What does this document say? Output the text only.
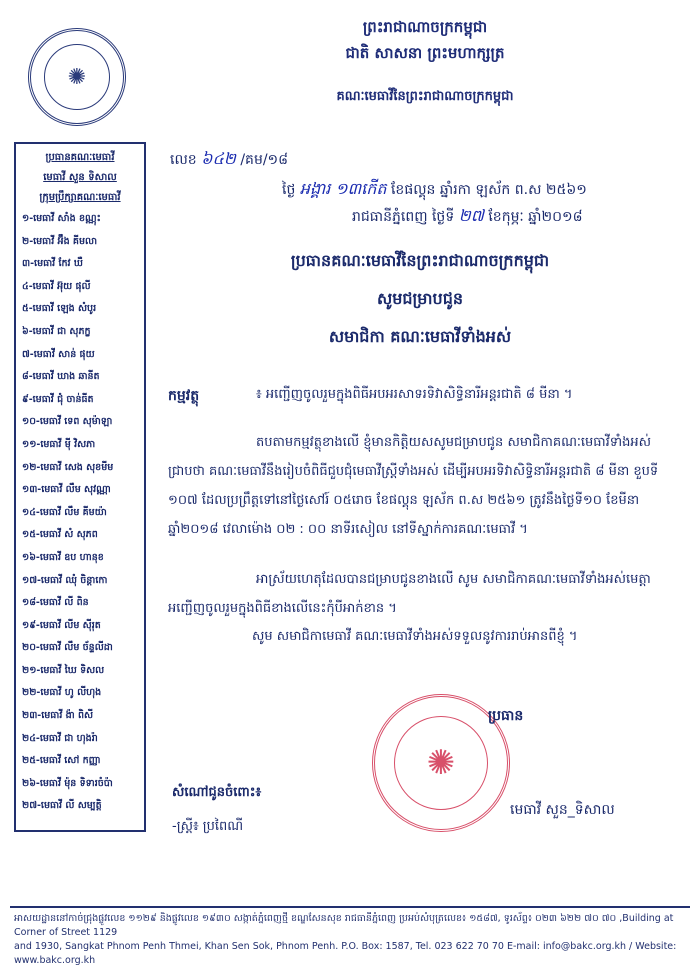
✺
ព្រះរាជាណាចក្រកម្ពុជា
ជាតិ សាសនា ព្រះមហាក្សត្រ
គណៈមេធាវីនៃព្រះរាជាណាចក្រកម្ពុជា
ប្រធានគណៈមេធាវី
មេធាវី សួន ទិសាល
ក្រុមប្រឹក្សាគណៈមេធាវី
១-មេធាវី សាំង ខណ្ណុះ
២-មេធាវី អ៊ឹង គីមលា
៣-មេធាវី កែវ ឃឺ
៤-មេធាវី អ៊ុយ ផុលី
៥-មេធាវី ឡេង សំបូរ
៦-មេធាវី ជា សុភក្ខ
៧-មេធាវី សាន់ ផុយ
៨-មេធាវី ឃាង ឆានីត
៩-មេធាវី ជុំ ចាន់ធីត
១០-មេធាវី ទេព សុម៉ាឡា
១១-មេធាវី ម៉ី វិសភា
១២-មេធាវី សេង សុខមីម
១៣-មេធាវី លឹម សុវណ្ណា
១៤-មេធាវី លឹម គីមយ៉ា
១៥-មេធាវី សំ សុភព
១៦-មេធាវី ឧប ហានុខ
១៧-មេធាវី ឈុំ ចិន្តាកោ
១៨-មេធាវី លី ពិន
១៩-មេធាវី លីម ស៊ីរុត
២០-មេធាវី លឹម ច័ន្ទលីដា
២១-មេធាវី ឃៃ ទិសល
២២-មេធាវី ហូ លីហុង
២៣-មេធាវី ង៉ា ពិសី
២៤-មេធាវី ជា ហុងរ៉ា
២៥-មេធាវី សៅ កញ្ញា
២៦-មេធាវី ម៉ុន ទិទារចំប៉ា
២៧-មេធាវី លី សម្បត្តិ
លេខ ៦៤២ /គម/១៨
ថ្ងៃ អង្គារ ១៣កើត ខែផល្គុន ឆ្នាំរកា ឡស័ក ព.ស ២៥៦១
រាជធានីភ្នំពេញ ថ្ងៃទី ២៧ ខែកុម្ភៈ ឆ្នាំ២០១៨
ប្រធានគណៈមេធាវីនៃព្រះរាជាណាចក្រកម្ពុជា
សូមជម្រាបជូន
សមាជិកា គណៈមេធាវីទាំងអស់
កម្មវត្ថុ	៖ អញ្ជើញចូលរួមក្នុងពិធីអបអរសាទរទិវាសិទ្ធិនារីអន្តរជាតិ ៨ មីនា ។
តបតាមកម្មវត្ថុខាងលើ ខ្ញុំមានកិត្តិយសសូមជម្រាបជូន សមាជិកាគណៈមេធាវីទាំងអស់ជ្រាបថា គណៈមេធាវីនឹងរៀបចំពិធីជួបជុំមេធាវីស្ត្រីទាំងអស់ ដើម្បីអបអរទិវាសិទ្ធិនារីអន្តរជាតិ ៨ មីនា ខួបទី ១០៧ ដែលប្រព្រឹត្តទៅនៅថ្ងៃសៅរ៍ ០៥រោច ខែផល្គុន ឡស័ក ព.ស ២៥៦១ ត្រូវនឹងថ្ងៃទី១០ ខែមីនា ឆ្នាំ២០១៨ វេលាម៉ោង ០២ : ០០ នាទីរសៀល នៅទីស្នាក់ការគណៈមេធាវី ។
អាស្រ័យហេតុដែលបានជម្រាបជូនខាងលើ សូម សមាជិកាគណៈមេធាវីទាំងអស់មេត្តាអញ្ជើញចូលរួមក្នុងពិធីខាងលើនេះកុំបីអាក់ខាន ។
សូម សមាជិកាមេធាវី គណៈមេធាវីទាំងអស់ទទួលនូវការរាប់អានពីខ្ញុំ ។
✺
ប្រធាន
មេធាវី សួន_ទិសាល
សំណៅជូនចំពោះ៖
-ស្ត្រី៖ ប្រពៃណី
អាសយដ្ឋាននៅកាច់ជ្រុងផ្លូវលេខ ១១២៩ និងផ្លូវលេខ ១៩៣០ សង្កាត់ភ្នំពេញថ្មី ខណ្ឌសែនសុខ រាជធានីភ្នំពេញ ប្រអប់សំបុត្រលេខ៖ ១៥៨៧, ទូរស័ព្ទ៖ ០២៣ ៦២២ ៧០ ៧០ ,Building at Corner of Street 1129
and 1930, Sangkat Phnom Penh Thmei, Khan Sen Sok, Phnom Penh. P.O. Box: 1587, Tel. 023 622 70 70 E-mail: info@bakc.org.kh / Website: www.bakc.org.kh
